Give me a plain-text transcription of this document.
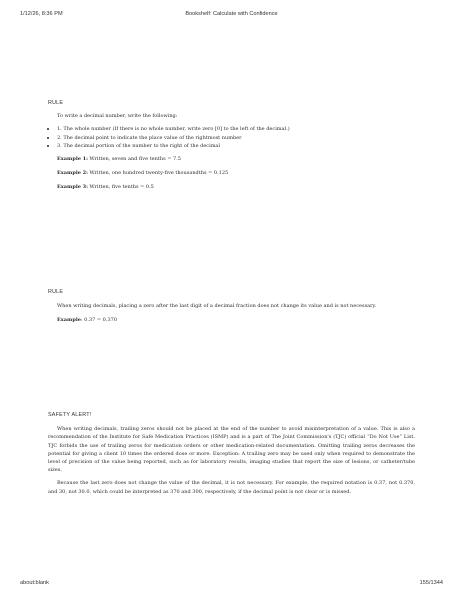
1/12/26, 8:36 PM	Bookshelf: Calculate with Confidence
RULE
To write a decimal number, write the following:
• 1. The whole number (If there is no whole number, write zero [0] to the left of the decimal.)
• 2. The decimal point to indicate the place value of the rightmost number
• 3. The decimal portion of the number to the right of the decimal
Example 1: Written, seven and five tenths = 7.5
Example 2: Written, one hundred twenty-five thousandths = 0.125
Example 3: Written, five tenths = 0.5
RULE
When writing decimals, placing a zero after the last digit of a decimal fraction does not change its value and is not necessary.
Example: 0.37 = 0.370
SAFETY ALERT!
When writing decimals, trailing zeros should not be placed at the end of the number to avoid misinterpretation of a value. This is also a recommendation of the Institute for Safe Medication Practices (ISMP) and is a part of The Joint Commission's (TJC) official “Do Not Use” List. TJC forbids the use of trailing zeros for medication orders or other medication-related documentation. Omitting trailing zeros decreases the potential for giving a client 10 times the ordered dose or more. Exception: A trailing zero may be used only when required to demonstrate the level of precision of the value being reported, such as for laboratory results, imaging studies that report the size of lesions, or catheter/tube sizes.
Because the last zero does not change the value of the decimal, it is not necessary. For example, the required notation is 0.37, not 0.370, and 30, not 30.0, which could be interpreted as 370 and 300, respectively, if the decimal point is not clear or is missed.
about:blank	155/1344
